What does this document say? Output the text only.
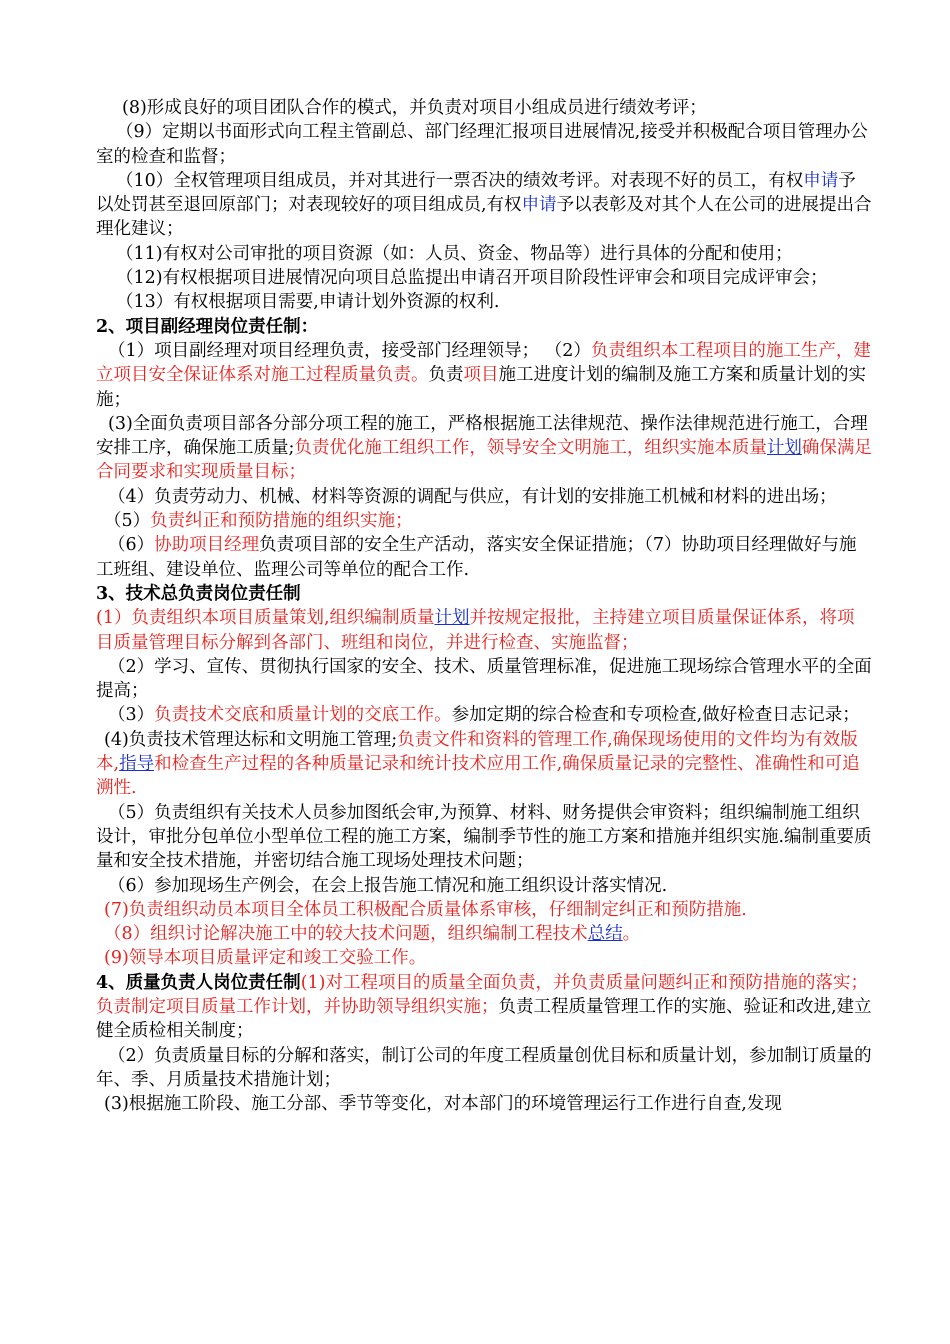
(8)形成良好的项目团队合作的模式，并负责对项目小组成员进行绩效考评；

（9）定期以书面形式向工程主管副总、部门经理汇报项目进展情况,接受并积极配合项目管理办公室的检查和监督；

（10）全权管理项目组成员，并对其进行一票否决的绩效考评。对表现不好的员工，有权申请予以处罚甚至退回原部门；对表现较好的项目组成员,有权申请予以表彰及对其个人在公司的进展提出合理化建议；

（11)有权对公司审批的项目资源（如：人员、资金、物品等）进行具体的分配和使用；

（12)有权根据项目进展情况向项目总监提出申请召开项目阶段性评审会和项目完成评审会；

（13）有权根据项目需要,申请计划外资源的权利.

2、项目副经理岗位责任制：

（1）项目副经理对项目经理负责，接受部门经理领导； （2）负责组织本工程项目的施工生产，建立项目安全保证体系对施工过程质量负责。负责项目施工进度计划的编制及施工方案和质量计划的实施；

(3)全面负责项目部各分部分项工程的施工，严格根据施工法律规范、操作法律规范进行施工，合理安排工序，确保施工质量;负责优化施工组织工作，领导安全文明施工，组织实施本质量计划确保满足合同要求和实现质量目标；

（4）负责劳动力、机械、材料等资源的调配与供应，有计划的安排施工机械和材料的进出场；

（5）负责纠正和预防措施的组织实施；

（6）协助项目经理负责项目部的安全生产活动，落实安全保证措施；（7）协助项目经理做好与施工班组、建设单位、监理公司等单位的配合工作.

3、技术总负责岗位责任制

(1）负责组织本项目质量策划,组织编制质量计划并按规定报批，主持建立项目质量保证体系，将项目质量管理目标分解到各部门、班组和岗位，并进行检查、实施监督；

（2）学习、宣传、贯彻执行国家的安全、技术、质量管理标准，促进施工现场综合管理水平的全面提高；

（3）负责技术交底和质量计划的交底工作。参加定期的综合检查和专项检查,做好检查日志记录；

(4)负责技术管理达标和文明施工管理;负责文件和资料的管理工作,确保现场使用的文件均为有效版本,指导和检查生产过程的各种质量记录和统计技术应用工作,确保质量记录的完整性、准确性和可追溯性.

（5）负责组织有关技术人员参加图纸会审,为预算、材料、财务提供会审资料；组织编制施工组织设计，审批分包单位小型单位工程的施工方案，编制季节性的施工方案和措施并组织实施.编制重要质量和安全技术措施，并密切结合施工现场处理技术问题；

（6）参加现场生产例会，在会上报告施工情况和施工组织设计落实情况.

(7)负责组织动员本项目全体员工积极配合质量体系审核，仔细制定纠正和预防措施.

（8）组织讨论解决施工中的较大技术问题，组织编制工程技术总结。

(9)领导本项目质量评定和竣工交验工作。

4、质量负责人岗位责任制(1)对工程项目的质量全面负责，并负责质量问题纠正和预防措施的落实；负责制定项目质量工作计划，并协助领导组织实施；负责工程质量管理工作的实施、验证和改进,建立健全质检相关制度；

（2）负责质量目标的分解和落实，制订公司的年度工程质量创优目标和质量计划，参加制订质量的年、季、月质量技术措施计划；

(3)根据施工阶段、施工分部、季节等变化，对本部门的环境管理运行工作进行自查,发现
